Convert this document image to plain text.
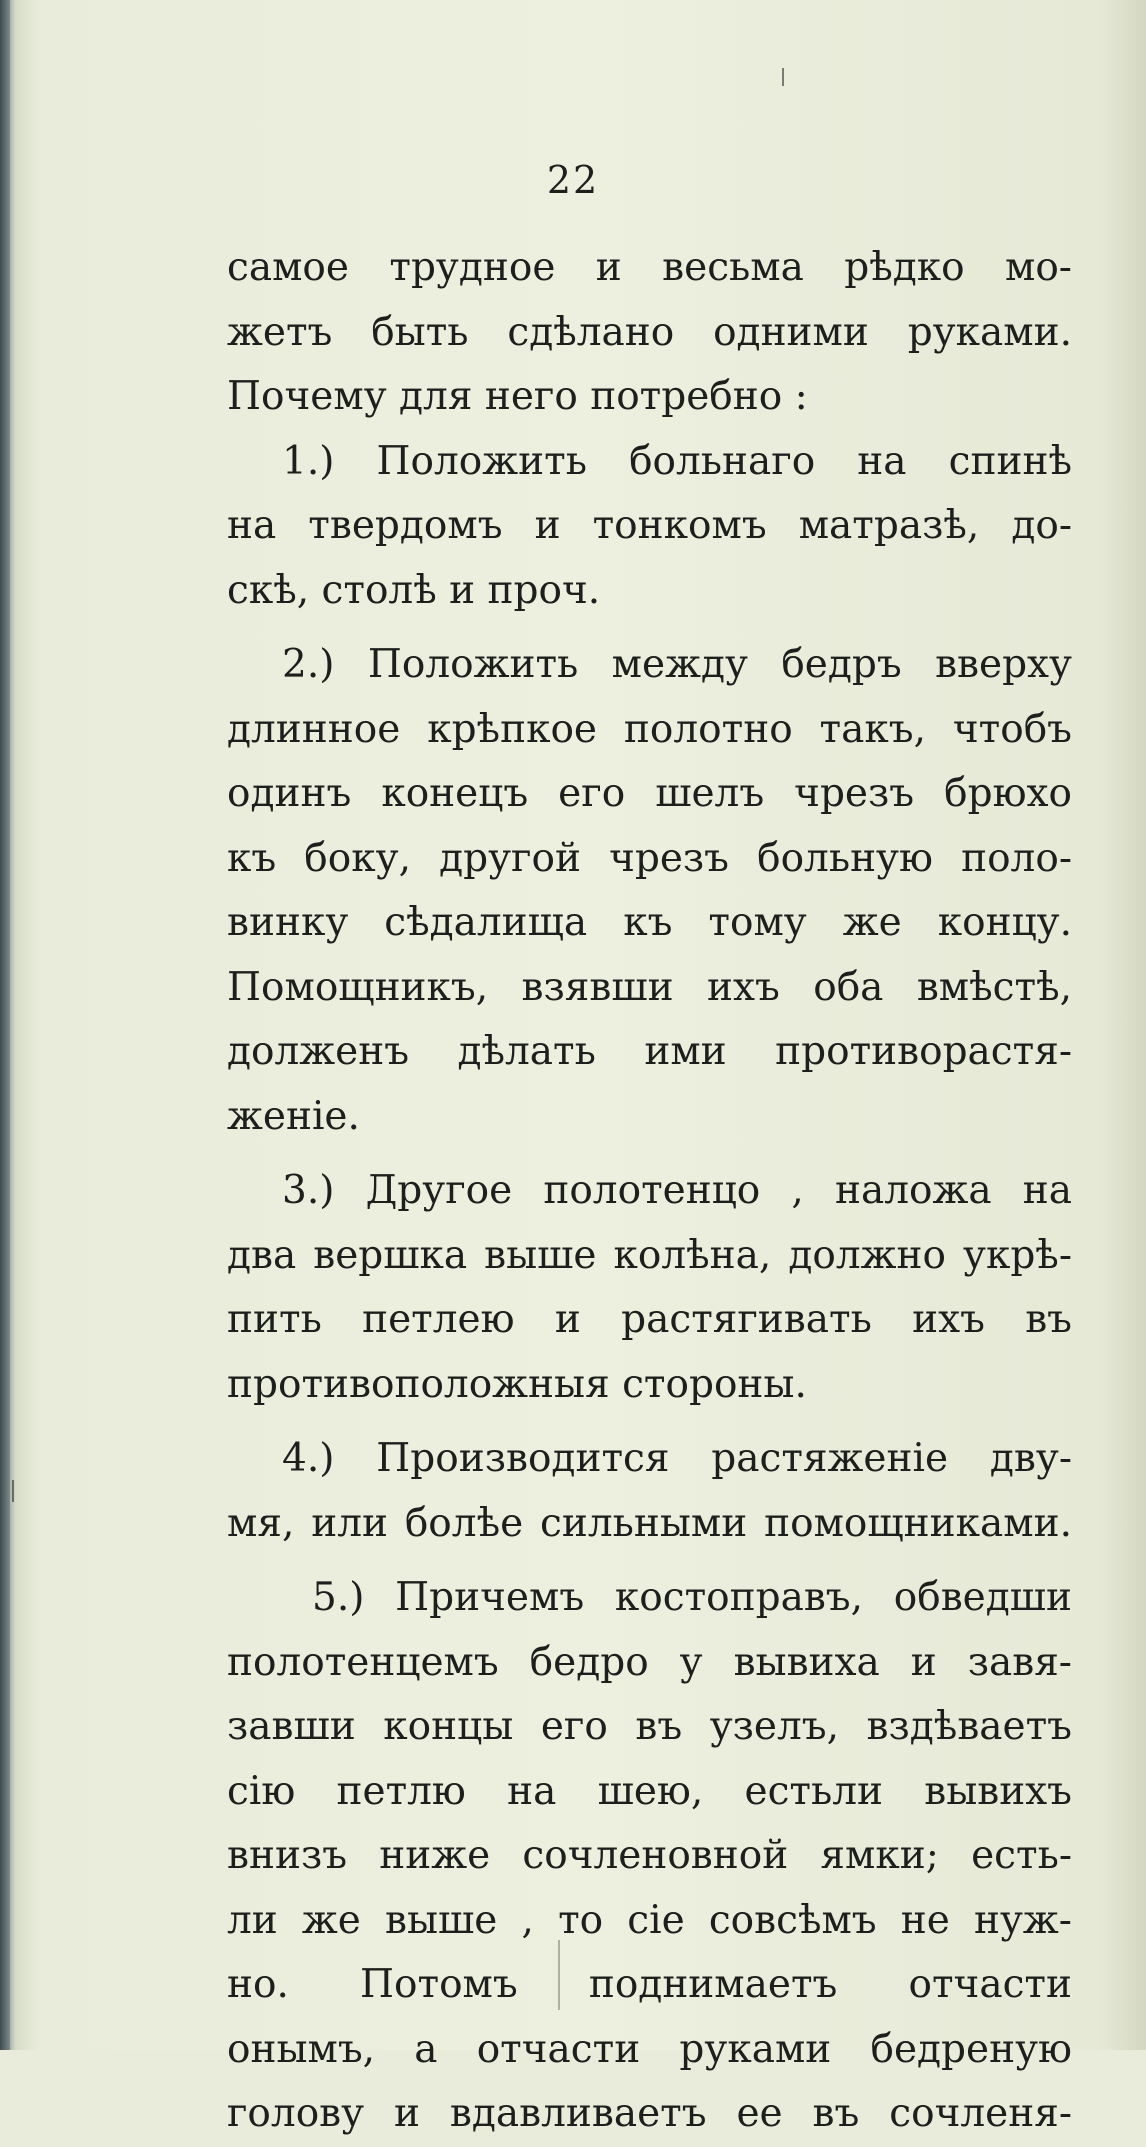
22
самое трудное и весьма рѣдко мо-
жетъ быть сдѣлано одними руками.
Почему для него потребно :
1.) Положить больнаго на спинѣ
на твердомъ и тонкомъ матразѣ, до-
скѣ, столѣ и проч.
2.) Положить между бедръ вверху
длинное крѣпкое полотно такъ, чтобъ
одинъ конецъ его шелъ чрезъ брюхо
къ боку, другой чрезъ больную поло-
винку сѣдалища къ тому же концу.
Помощникъ, взявши ихъ оба вмѣстѣ,
долженъ дѣлать ими противорастя-
женіе.
3.) Другое полотенцо , наложа на
два вершка выше колѣна, должно укрѣ-
пить петлею и растягивать ихъ въ
противоположныя стороны.
4.) Производится растяженіе дву-
мя, или болѣе сильными помощниками.
5.) Причемъ костоправъ, обведши
полотенцемъ бедро у вывиха и завя-
завши концы его въ узелъ, вздѣваетъ
сію петлю на шею, естьли вывихъ
внизъ ниже сочленовной ямки; есть-
ли же выше , то сіе совсѣмъ не нуж-
но. Потомъ поднимаетъ отчасти
онымъ, а отчасти руками бедреную
голову и вдавливаетъ ее въ сочленя-
